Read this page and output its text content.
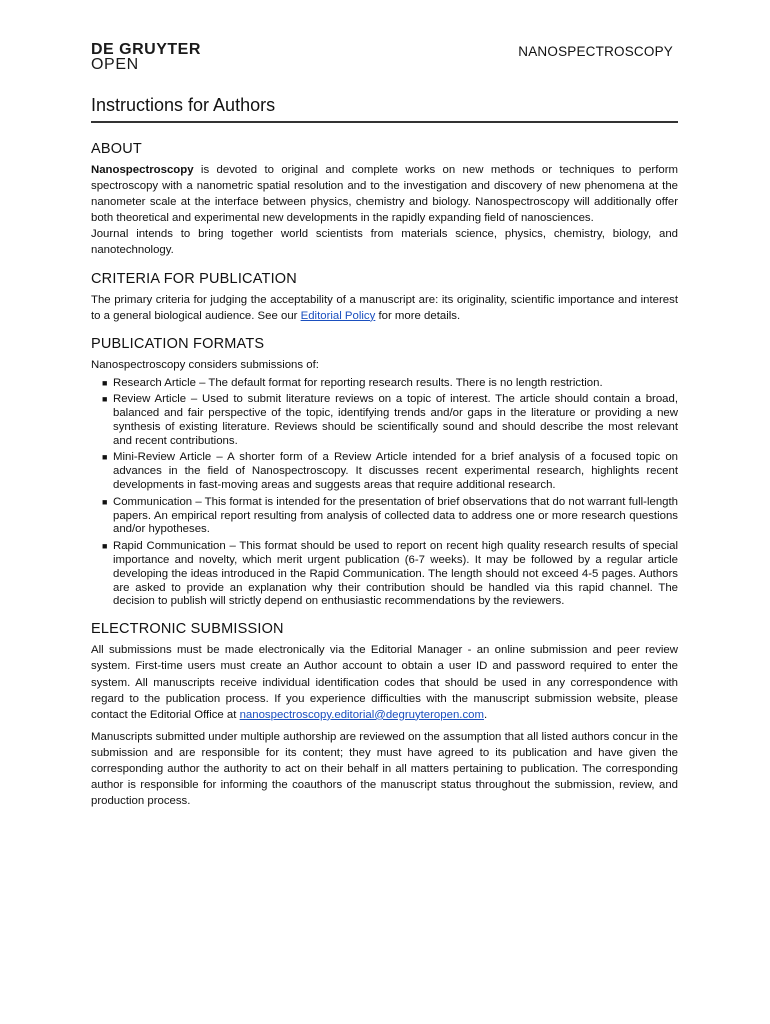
DE GRUYTER
OPEN
NANOSPECTROSCOPY
Instructions for Authors
ABOUT

Nanospectroscopy is devoted to original and complete works on new methods or techniques to perform spectroscopy with a nanometric spatial resolution and to the investigation and discovery of new phenomena at the nanometer scale at the interface between physics, chemistry and biology. Nanospectroscopy will additionally offer both theoretical and experimental new developments in the rapidly expanding field of nanosciences.

Journal intends to bring together world scientists from materials science, physics, chemistry, biology, and nanotechnology.

CRITERIA FOR PUBLICATION

The primary criteria for judging the acceptability of a manuscript are: its originality, scientific importance and interest to a general biological audience. See our Editorial Policy for more details.

PUBLICATION FORMATS

Nanospectroscopy considers submissions of:

■ Research Article – The default format for reporting research results. There is no length restriction.
■ Review Article – Used to submit literature reviews on a topic of interest. The article should contain a broad, balanced and fair perspective of the topic, identifying trends and/or gaps in the literature or providing a new synthesis of existing literature. Reviews should be scientifically sound and should describe the most relevant and recent contributions.
■ Mini-Review Article – A shorter form of a Review Article intended for a brief analysis of a focused topic on advances in the field of Nanospectroscopy. It discusses recent experimental research, highlights recent developments in fast-moving areas and suggests areas that require additional research.
■ Communication – This format is intended for the presentation of brief observations that do not warrant full-length papers. An empirical report resulting from analysis of collected data to address one or more research questions and/or hypotheses.
■ Rapid Communication – This format should be used to report on recent high quality research results of special importance and novelty, which merit urgent publication (6-7 weeks). It may be followed by a regular article developing the ideas introduced in the Rapid Communication. The length should not exceed 4-5 pages. Authors are asked to provide an explanation why their contribution should be handled via this rapid channel. The decision to publish will strictly depend on enthusiastic recommendations by the reviewers.
ELECTRONIC SUBMISSION

All submissions must be made electronically via the Editorial Manager - an online submission and peer review system. First-time users must create an Author account to obtain a user ID and password required to enter the system. All manuscripts receive individual identification codes that should be used in any correspondence with regard to the publication process. If you experience difficulties with the manuscript submission website, please contact the Editorial Office at nanospectroscopy.editorial@degruyteropen.com.

Manuscripts submitted under multiple authorship are reviewed on the assumption that all listed authors concur in the submission and are responsible for its content; they must have agreed to its publication and have given the corresponding author the authority to act on their behalf in all matters pertaining to publication. The corresponding author is responsible for informing the coauthors of the manuscript status throughout the submission, review, and production process.
